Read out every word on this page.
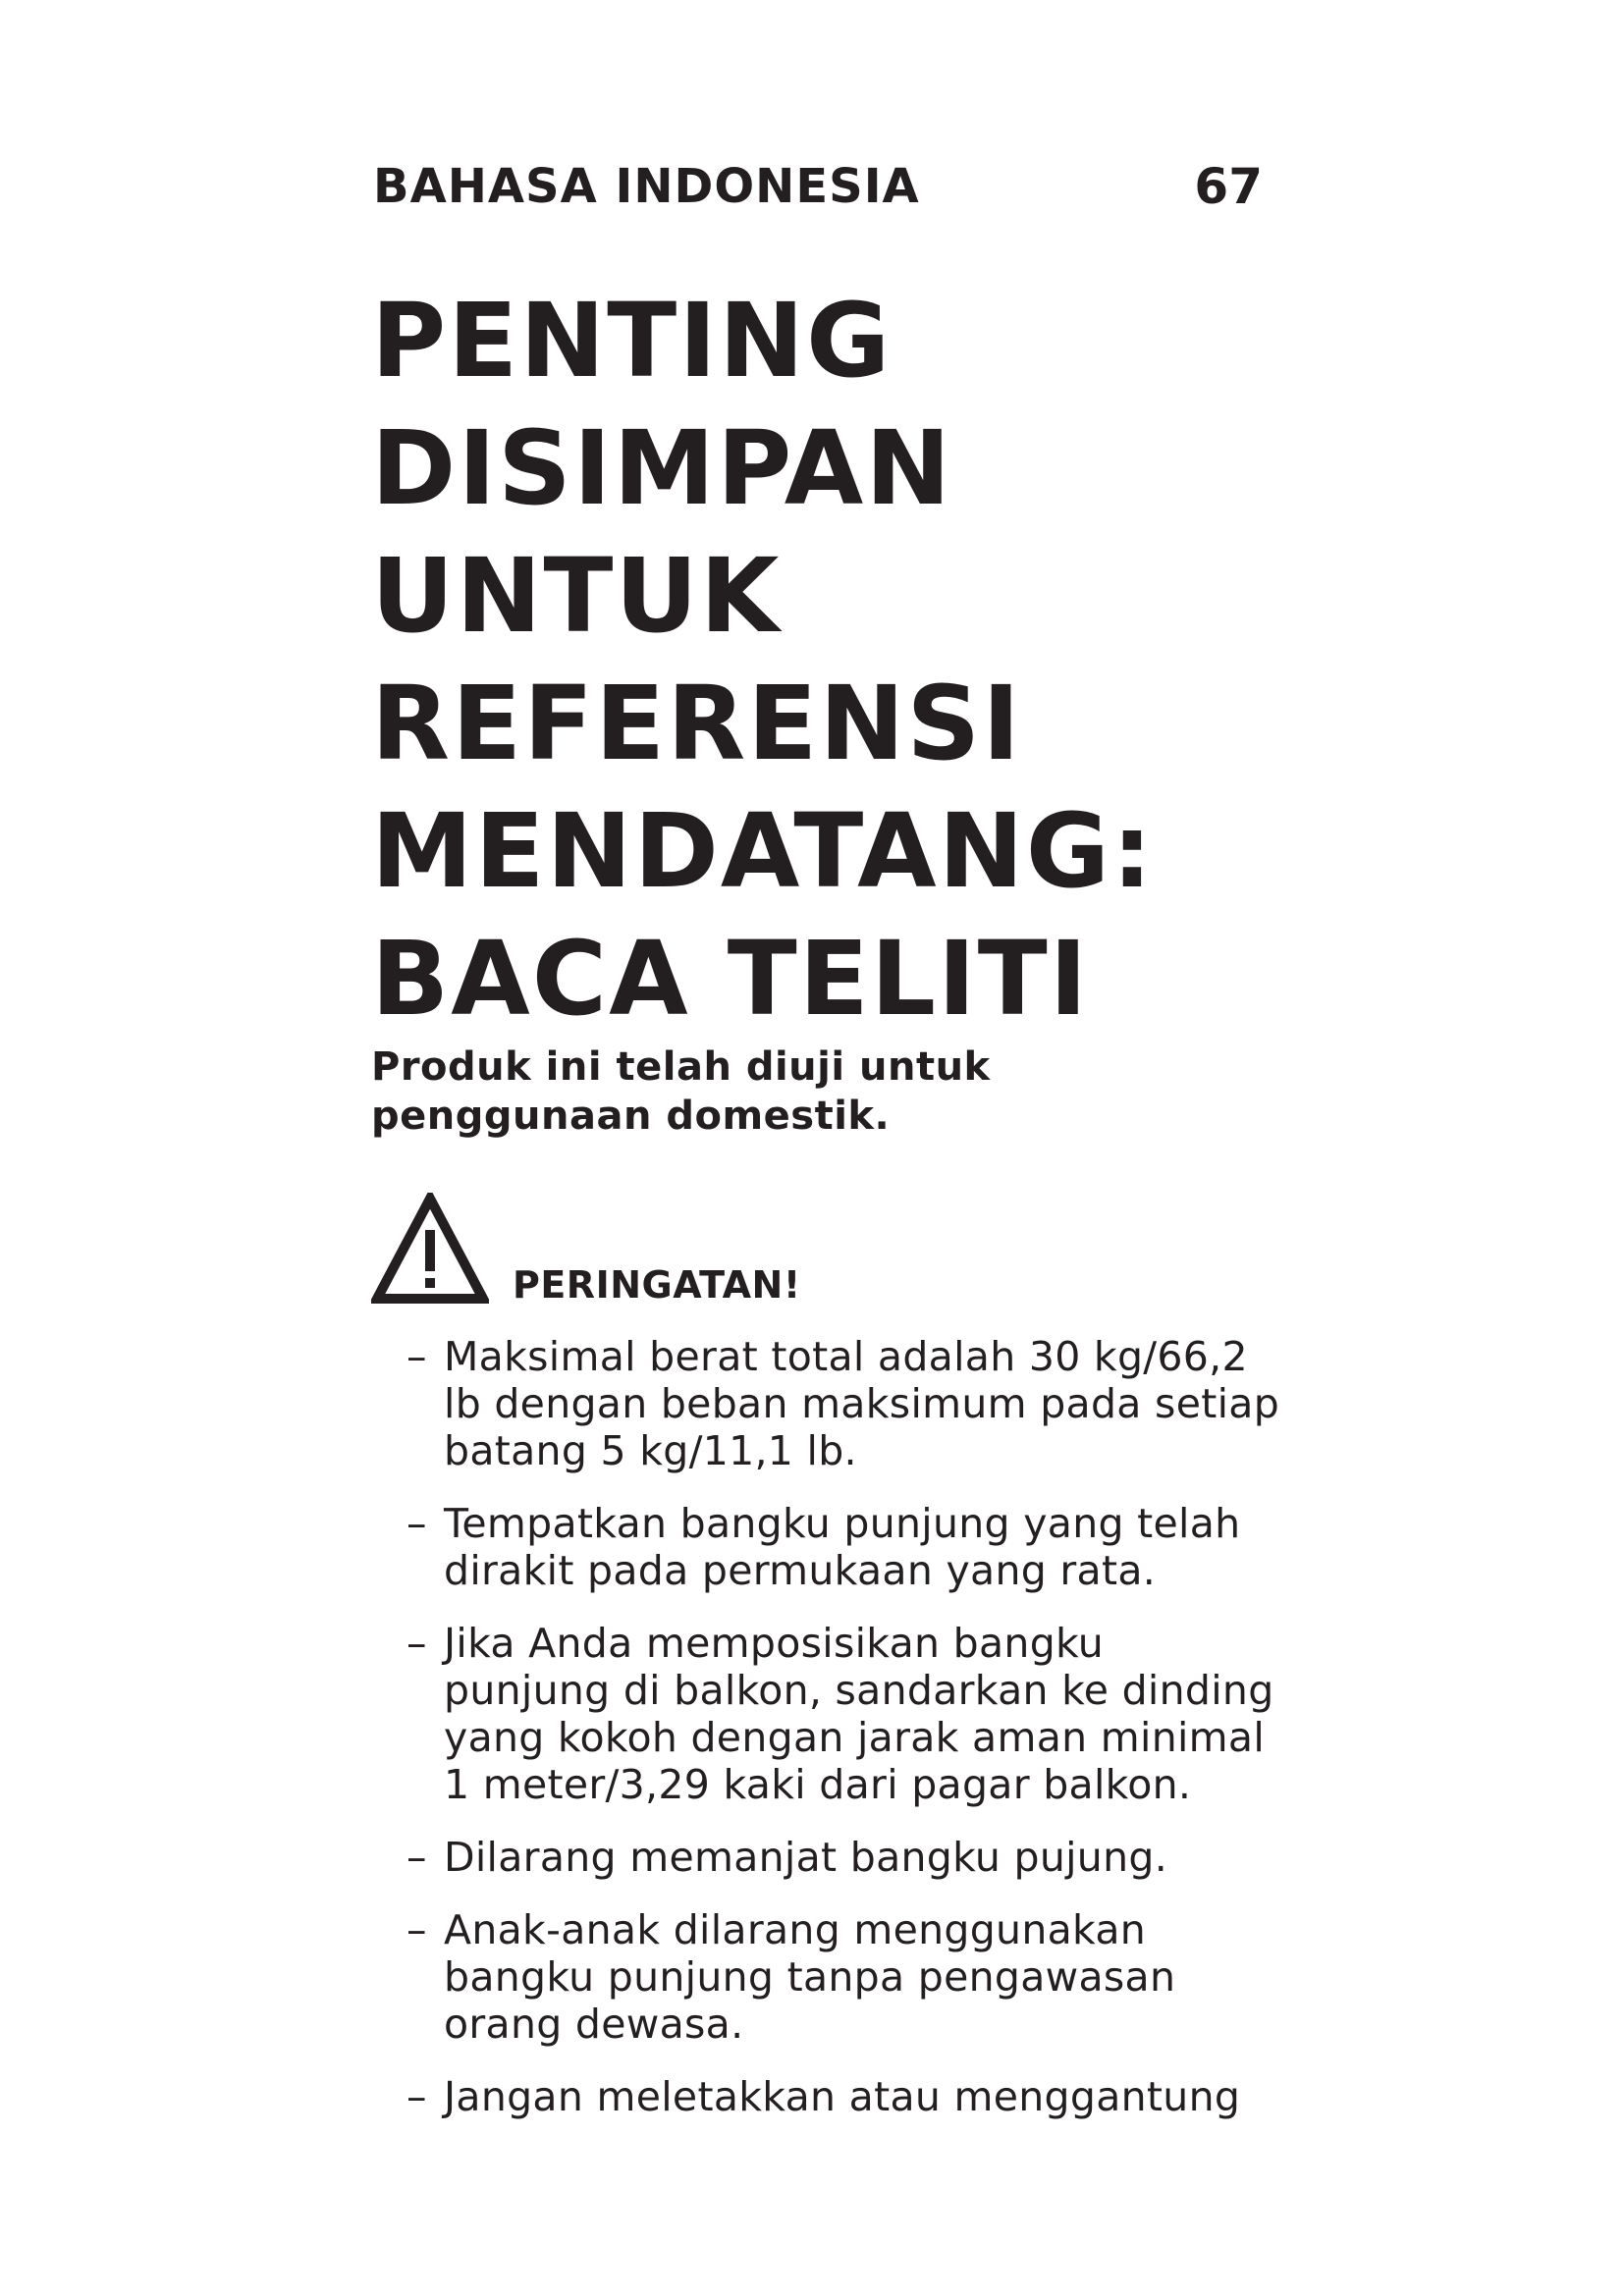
BAHASA INDONESIA	67
PENTING
DISIMPAN
UNTUK
REFERENSI
MENDATANG:
BACA TELITI
Produk ini telah diuji untuk
penggunaan domestik.
PERINGATAN!
– Maksimal berat total adalah 30 kg/66,2
lb dengan beban maksimum pada setiap
batang 5 kg/11,1 lb.
– Tempatkan bangku punjung yang telah
dirakit pada permukaan yang rata.
– Jika Anda memposisikan bangku
punjung di balkon, sandarkan ke dinding
yang kokoh dengan jarak aman minimal
1 meter/3,29 kaki dari pagar balkon.
– Dilarang memanjat bangku pujung.
– Anak-anak dilarang menggunakan
bangku punjung tanpa pengawasan
orang dewasa.
– Jangan meletakkan atau menggantung
